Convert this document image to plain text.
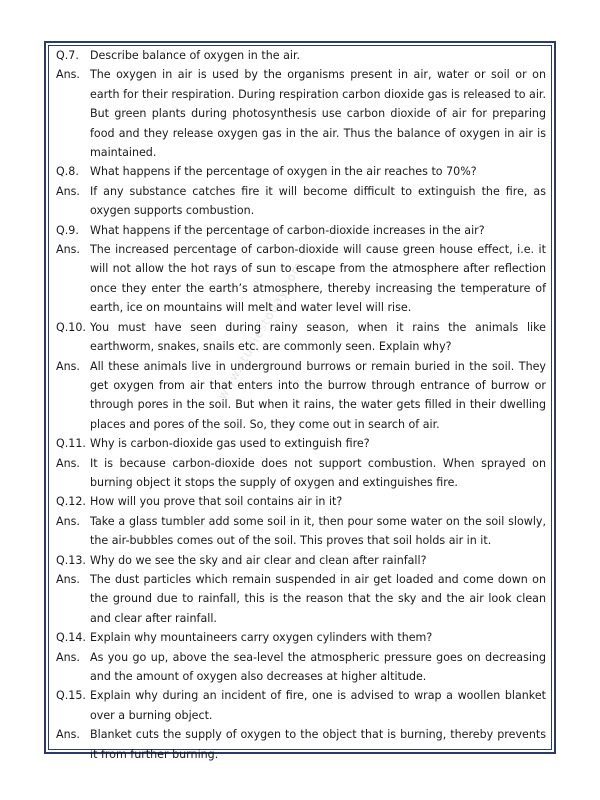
www.studiestoday.com
Q.7.	Describe balance of oxygen in the air.
Ans. The oxygen in air is used by the organisms present in air, water or soil or on earth for their respiration. During respiration carbon dioxide gas is released to air. But green plants during photosynthesis use carbon dioxide of air for preparing food and they release oxygen gas in the air. Thus the balance of oxygen in air is maintained.
Q.8.	What happens if the percentage of oxygen in the air reaches to 70%?
Ans. If any substance catches fire it will become difficult to extinguish the fire, as oxygen supports combustion.
Q.9.	What happens if the percentage of carbon-dioxide increases in the air?
Ans. The increased percentage of carbon-dioxide will cause green house effect, i.e. it will not allow the hot rays of sun to escape from the atmosphere after reflection once they enter the earth’s atmosphere, thereby increasing the temperature of earth, ice on mountains will melt and water level will rise.
Q.10. You must have seen during rainy season, when it rains the animals like earthworm, snakes, snails etc. are commonly seen. Explain why?
Ans. All these animals live in underground burrows or remain buried in the soil. They get oxygen from air that enters into the burrow through entrance of burrow or through pores in the soil. But when it rains, the water gets filled in their dwelling places and pores of the soil. So, they come out in search of air.
Q.11. Why is carbon-dioxide gas used to extinguish fire?
Ans. It is because carbon-dioxide does not support combustion. When sprayed on burning object it stops the supply of oxygen and extinguishes fire.
Q.12. How will you prove that soil contains air in it?
Ans. Take a glass tumbler add some soil in it, then pour some water on the soil slowly, the air-bubbles comes out of the soil. This proves that soil holds air in it.
Q.13. Why do we see the sky and air clear and clean after rainfall?
Ans. The dust particles which remain suspended in air get loaded and come down on the ground due to rainfall, this is the reason that the sky and the air look clean and clear after rainfall.
Q.14. Explain why mountaineers carry oxygen cylinders with them?
Ans. As you go up, above the sea-level the atmospheric pressure goes on decreasing and the amount of oxygen also decreases at higher altitude.
Q.15. Explain why during an incident of fire, one is advised to wrap a woollen blanket over a burning object.
Ans. Blanket cuts the supply of oxygen to the object that is burning, thereby prevents it from further burning.
